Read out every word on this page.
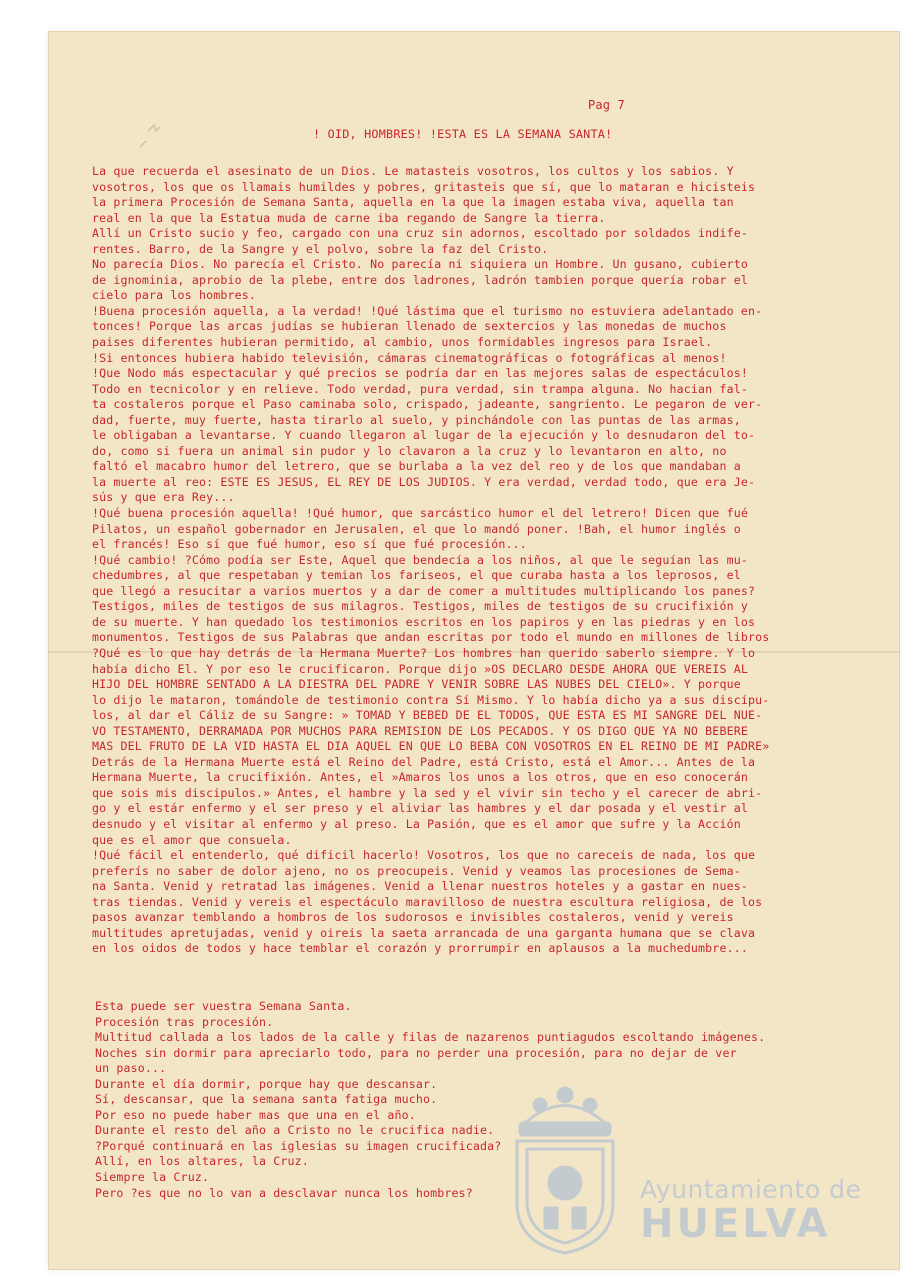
Pag 7
! OID, HOMBRES! !ESTA ES LA SEMANA SANTA!
La que recuerda el asesinato de un Dios. Le matasteis vosotros, los cultos y los sabios. Y
vosotros, los que os llamais humildes y pobres, gritasteis que sí, que lo mataran e hicisteis
la primera Procesión de Semana Santa, aquella en la que la imagen estaba viva, aquella tan
real en la que la Estatua muda de carne iba regando de Sangre la tierra.
Allí un Cristo sucio y feo, cargado con una cruz sin adornos, escoltado por soldados indife-
rentes. Barro, de la Sangre y el polvo, sobre la faz del Cristo.
No parecía Dios. No parecía el Cristo. No parecía ni siquiera un Hombre. Un gusano, cubierto
de ignominia, aprobio de la plebe, entre dos ladrones, ladrón tambien porque quería robar el
cielo para los hombres.
!Buena procesión aquella, a la verdad! !Qué lástima que el turismo no estuviera adelantado en-
tonces! Porque las arcas judías se hubieran llenado de sextercios y las monedas de muchos
paises diferentes hubieran permitido, al cambio, unos formidables ingresos para Israel.
!Si entonces hubiera habido televisión, cámaras cinematográficas o fotográficas al menos!
!Que Nodo más espectacular y qué precios se podría dar en las mejores salas de espectáculos!
Todo en tecnicolor y en relieve. Todo verdad, pura verdad, sin trampa alguna. No hacian fal-
ta costaleros porque el Paso caminaba solo, crispado, jadeante, sangriento. Le pegaron de ver-
dad, fuerte, muy fuerte, hasta tirarlo al suelo, y pinchándole con las puntas de las armas,
le obligaban a levantarse. Y cuando llegaron al lugar de la ejecución y lo desnudaron del to-
do, como si fuera un animal sin pudor y lo clavaron a la cruz y lo levantaron en alto, no
faltó el macabro humor del letrero, que se burlaba a la vez del reo y de los que mandaban a
la muerte al reo: ESTE ES JESUS, EL REY DE LOS JUDIOS. Y era verdad, verdad todo, que era Je-
sús y que era Rey...
!Qué buena procesión aquella! !Qué humor, que sarcástico humor el del letrero! Dicen que fué
Pilatos, un español gobernador en Jerusalen, el que lo mandó poner. !Bah, el humor inglés o
el francés! Eso sí que fué humor, eso sí que fué procesión...
!Qué cambio! ?Cómo podía ser Este, Aquel que bendecía a los niños, al que le seguían las mu-
chedumbres, al que respetaban y temian los fariseos, el que curaba hasta a los leprosos, el
que llegó a resucitar a varios muertos y a dar de comer a multitudes multiplicando los panes?
Testigos, miles de testigos de sus milagros. Testigos, miles de testigos de su crucifixión y
de su muerte. Y han quedado los testimonios escritos en los papiros y en las piedras y en los
monumentos. Testigos de sus Palabras que andan escritas por todo el mundo en millones de libros
?Qué es lo que hay detrás de la Hermana Muerte? Los hombres han querido saberlo siempre. Y lo
había dicho El. Y por eso le crucificaron. Porque dijo »OS DECLARO DESDE AHORA QUE VEREIS AL
HIJO DEL HOMBRE SENTADO A LA DIESTRA DEL PADRE Y VENIR SOBRE LAS NUBES DEL CIELO». Y porque
lo dijo le mataron, tomándole de testimonio contra Sí Mismo. Y lo había dicho ya a sus discípu-
los, al dar el Cáliz de su Sangre: » TOMAD Y BEBED DE EL TODOS, QUE ESTA ES MI SANGRE DEL NUE-
VO TESTAMENTO, DERRAMADA POR MUCHOS PARA REMISION DE LOS PECADOS. Y OS DIGO QUE YA NO BEBERE
MAS DEL FRUTO DE LA VID HASTA EL DIA AQUEL EN QUE LO BEBA CON VOSOTROS EN EL REINO DE MI PADRE»
Detrás de la Hermana Muerte está el Reino del Padre, está Cristo, está el Amor... Antes de la
Hermana Muerte, la crucifixión. Antes, el »Amaros los unos a los otros, que en eso conocerán
que sois mis discipulos.» Antes, el hambre y la sed y el vivir sin techo y el carecer de abri-
go y el estár enfermo y el ser preso y el aliviar las hambres y el dar posada y el vestir al
desnudo y el visitar al enfermo y al preso. La Pasión, que es el amor que sufre y la Acción
que es el amor que consuela.
!Qué fácil el entenderlo, qué dificil hacerlo! Vosotros, los que no careceis de nada, los que
preferís no saber de dolor ajeno, no os preocupeis. Venid y veamos las procesiones de Sema-
na Santa. Venid y retratad las imágenes. Venid a llenar nuestros hoteles y a gastar en nues-
tras tiendas. Venid y vereis el espectáculo maravilloso de nuestra escultura religiosa, de los
pasos avanzar temblando a hombros de los sudorosos e invisibles costaleros, venid y vereis
multitudes apretujadas, venid y oireis la saeta arrancada de una garganta humana que se clava
en los oidos de todos y hace temblar el corazón y prorrumpir en aplausos a la muchedumbre...
Esta puede ser vuestra Semana Santa.
Procesión tras procesión.
Multitud callada a los lados de la calle y filas de nazarenos puntiagudos escoltando imágenes.
Noches sin dormir para apreciarlo todo, para no perder una procesión, para no dejar de ver
un paso...
Durante el día dormir, porque hay que descansar.
Sí, descansar, que la semana santa fatiga mucho.
Por eso no puede haber mas que una en el año.
Durante el resto del año a Cristo no le crucifica nadie.
?Porqué continuará en las iglesias su imagen crucificada?
Allí, en los altares, la Cruz.
Siempre la Cruz.
Pero ?es que no lo van a desclavar nunca los hombres?	Ayuntamiento de
HUELVA
